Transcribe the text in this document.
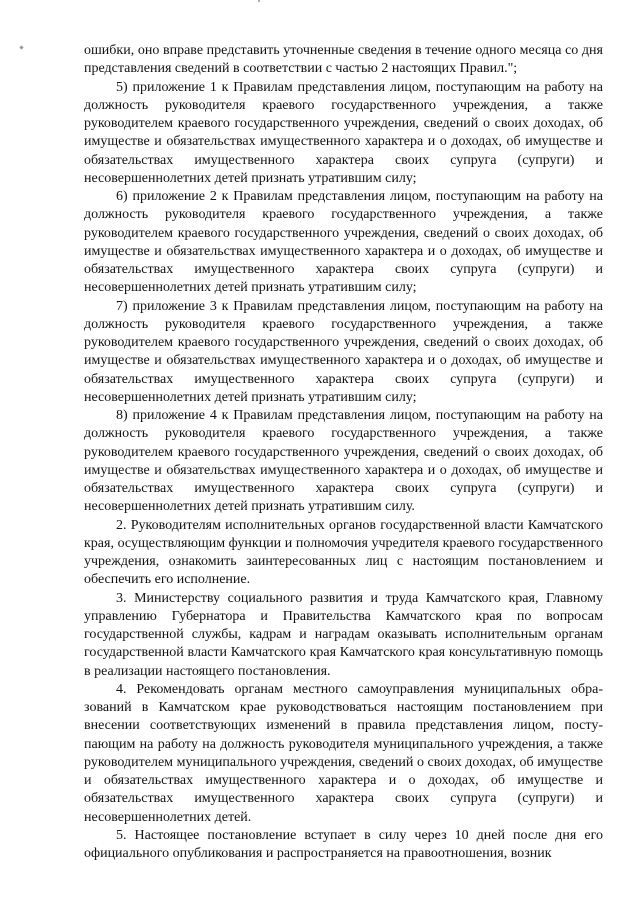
ошибки, оно вправе представить уточненные сведения в течение одного месяца со дня представления сведений в соответствии с частью 2 настоящих Правил.";

5) приложение 1 к Правилам представления лицом, поступающим на работу на должность руководителя краевого государственного учреждения, а также руководителем краевого государственного учреждения, сведений о своих доходах, об имуществе и обязательствах имущественного характера и о доходах, об имуществе и обязательствах имущественного характера своих супруга (супруги) и несовершеннолетних детей признать утратившим силу;

6) приложение 2 к Правилам представления лицом, поступающим на работу на должность руководителя краевого государственного учреждения, а также руководителем краевого государственного учреждения, сведений о своих доходах, об имуществе и обязательствах имущественного характера и о доходах, об имуществе и обязательствах имущественного характера своих супруга (супруги) и несовершеннолетних детей признать утратившим силу;

7) приложение 3 к Правилам представления лицом, поступающим на работу на должность руководителя краевого государственного учреждения, а также руководителем краевого государственного учреждения, сведений о своих доходах, об имуществе и обязательствах имущественного характера и о доходах, об имуществе и обязательствах имущественного характера своих супруга (супруги) и несовершеннолетних детей признать утратившим силу;

8) приложение 4 к Правилам представления лицом, поступающим на работу на должность руководителя краевого государственного учреждения, а также руководителем краевого государственного учреждения, сведений о своих доходах, об имуществе и обязательствах имущественного характера и о доходах, об имуществе и обязательствах имущественного характера своих супруга (супруги) и несовершеннолетних детей признать утратившим силу.

2. Руководителям исполнительных органов государственной власти Камчатского края, осуществляющим функции и полномочия учредителя краевого государственного учреждения, ознакомить заинтересованных лиц с настоящим постановлением и обеспечить его исполнение.

3. Министерству социального развития и труда Камчатского края, Главному управлению Губернатора и Правительства Камчатского края по вопросам государственной службы, кадрам и наградам оказывать исполнительным органам государственной власти Камчатского края Камчатского края консультативную помощь в реализации настоящего постановления.

4. Рекомендовать органам местного самоуправления муниципальных образований в Камчатском крае руководствоваться настоящим постановлением при внесении соответствующих изменений в правила представления лицом, поступающим на работу на должность руководителя муниципального учреждения, а также руководителем муниципального учреждения, сведений о своих доходах, об имуществе и обязательствах имущественного характера и о доходах, об имуществе и обязательствах имущественного характера своих супруга (супруги) и несовершеннолетних детей.

5. Настоящее постановление вступает в силу через 10 дней после дня его официального опубликования и распространяется на правоотношения, возник
